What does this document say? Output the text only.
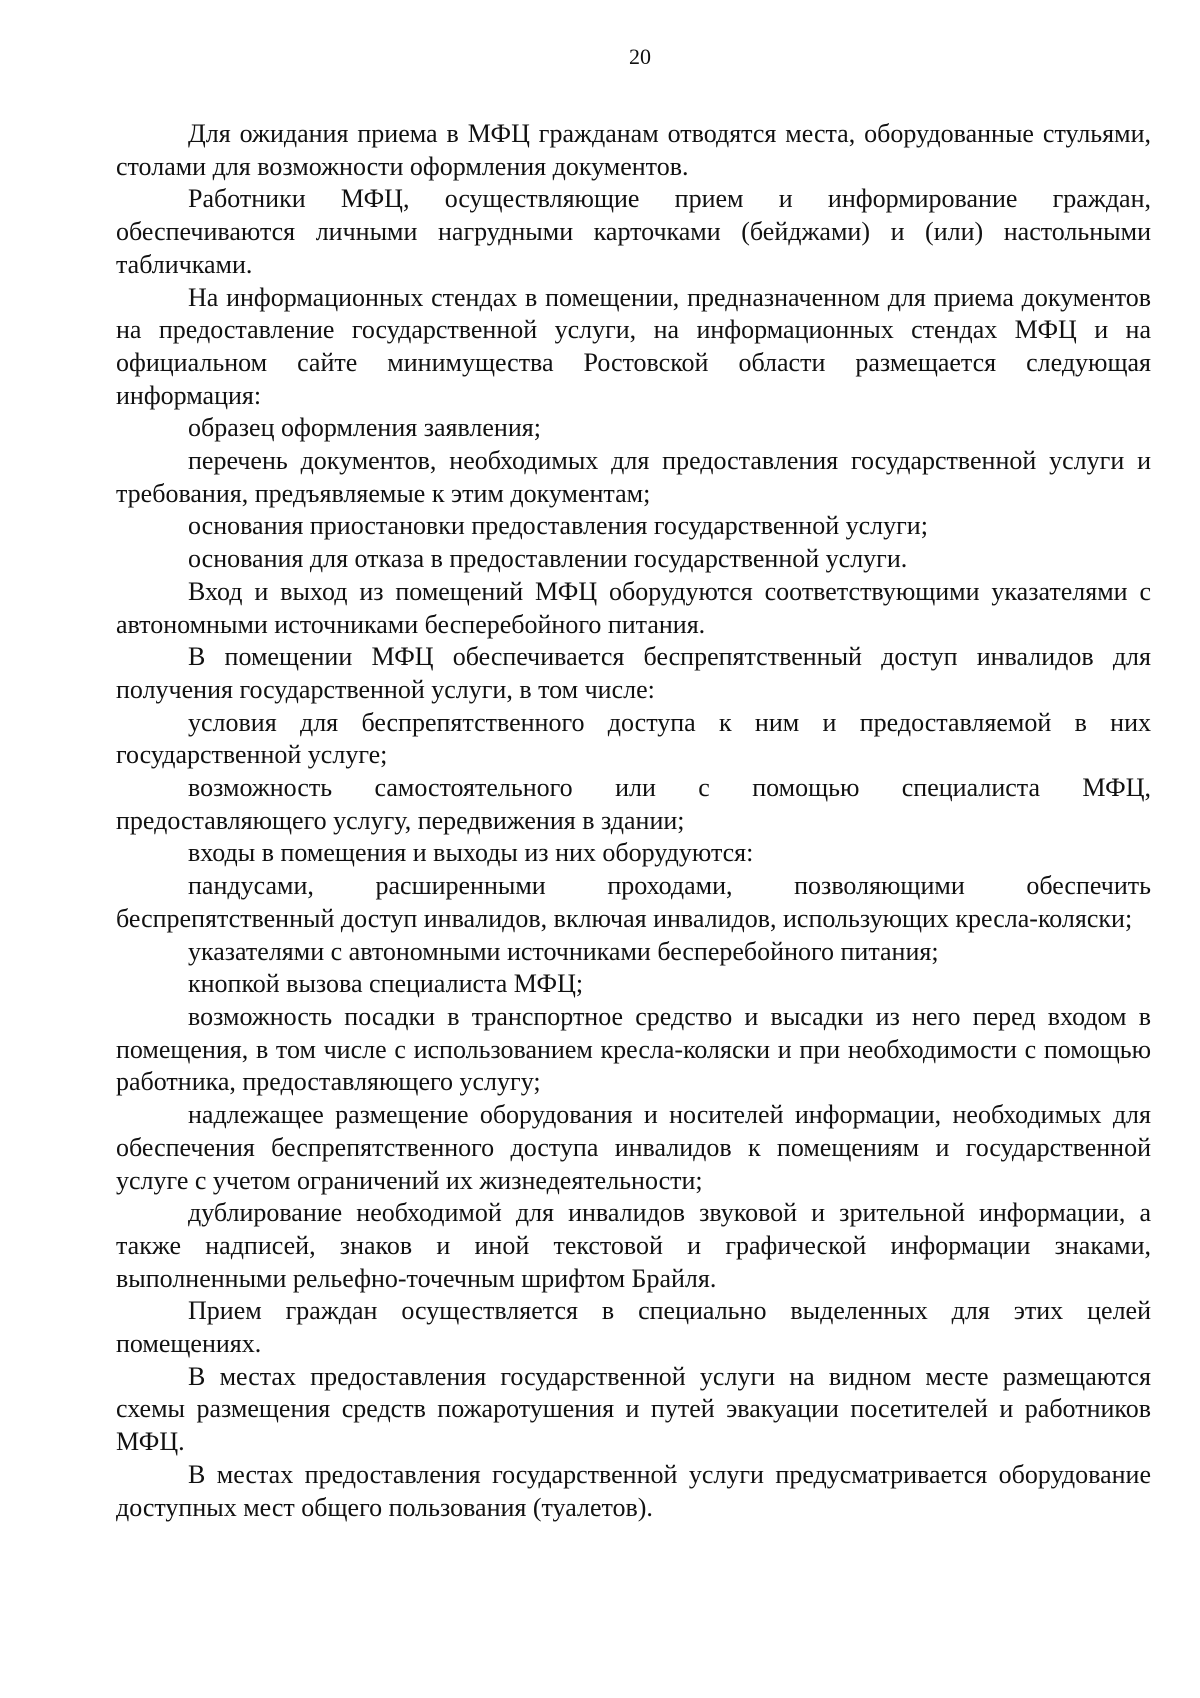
20

Для ожидания приема в МФЦ гражданам отводятся места, оборудованные стульями, столами для возможности оформления документов.

Работники МФЦ, осуществляющие прием и информирование граждан, обеспечиваются личными нагрудными карточками (бейджами) и (или) настольными табличками.

На информационных стендах в помещении, предназначенном для приема документов на предоставление государственной услуги, на информационных стендах МФЦ и на официальном сайте минимущества Ростовской области размещается следующая информация:

образец оформления заявления;

перечень документов, необходимых для предоставления государственной услуги и требования, предъявляемые к этим документам;

основания приостановки предоставления государственной услуги;

основания для отказа в предоставлении государственной услуги.

Вход и выход из помещений МФЦ оборудуются соответствующими указателями с автономными источниками бесперебойного питания.

В помещении МФЦ обеспечивается беспрепятственный доступ инвалидов для получения государственной услуги, в том числе:

условия для беспрепятственного доступа к ним и предоставляемой в них государственной услуге;

возможность самостоятельного или с помощью специалиста МФЦ, предоставляющего услугу, передвижения в здании;

входы в помещения и выходы из них оборудуются:

пандусами, расширенными проходами, позволяющими обеспечить беспрепятственный доступ инвалидов, включая инвалидов, использующих кресла-коляски;

указателями с автономными источниками бесперебойного питания;

кнопкой вызова специалиста МФЦ;

возможность посадки в транспортное средство и высадки из него перед входом в помещения, в том числе с использованием кресла-коляски и при необходимости с помощью работника, предоставляющего услугу;

надлежащее размещение оборудования и носителей информации, необходимых для обеспечения беспрепятственного доступа инвалидов к помещениям и государственной услуге с учетом ограничений их жизнедеятельности;

дублирование необходимой для инвалидов звуковой и зрительной информации, а также надписей, знаков и иной текстовой и графической информации знаками, выполненными рельефно-точечным шрифтом Брайля.

Прием граждан осуществляется в специально выделенных для этих целей помещениях.

В местах предоставления государственной услуги на видном месте размещаются схемы размещения средств пожаротушения и путей эвакуации посетителей и работников МФЦ.

В местах предоставления государственной услуги предусматривается оборудование доступных мест общего пользования (туалетов).
